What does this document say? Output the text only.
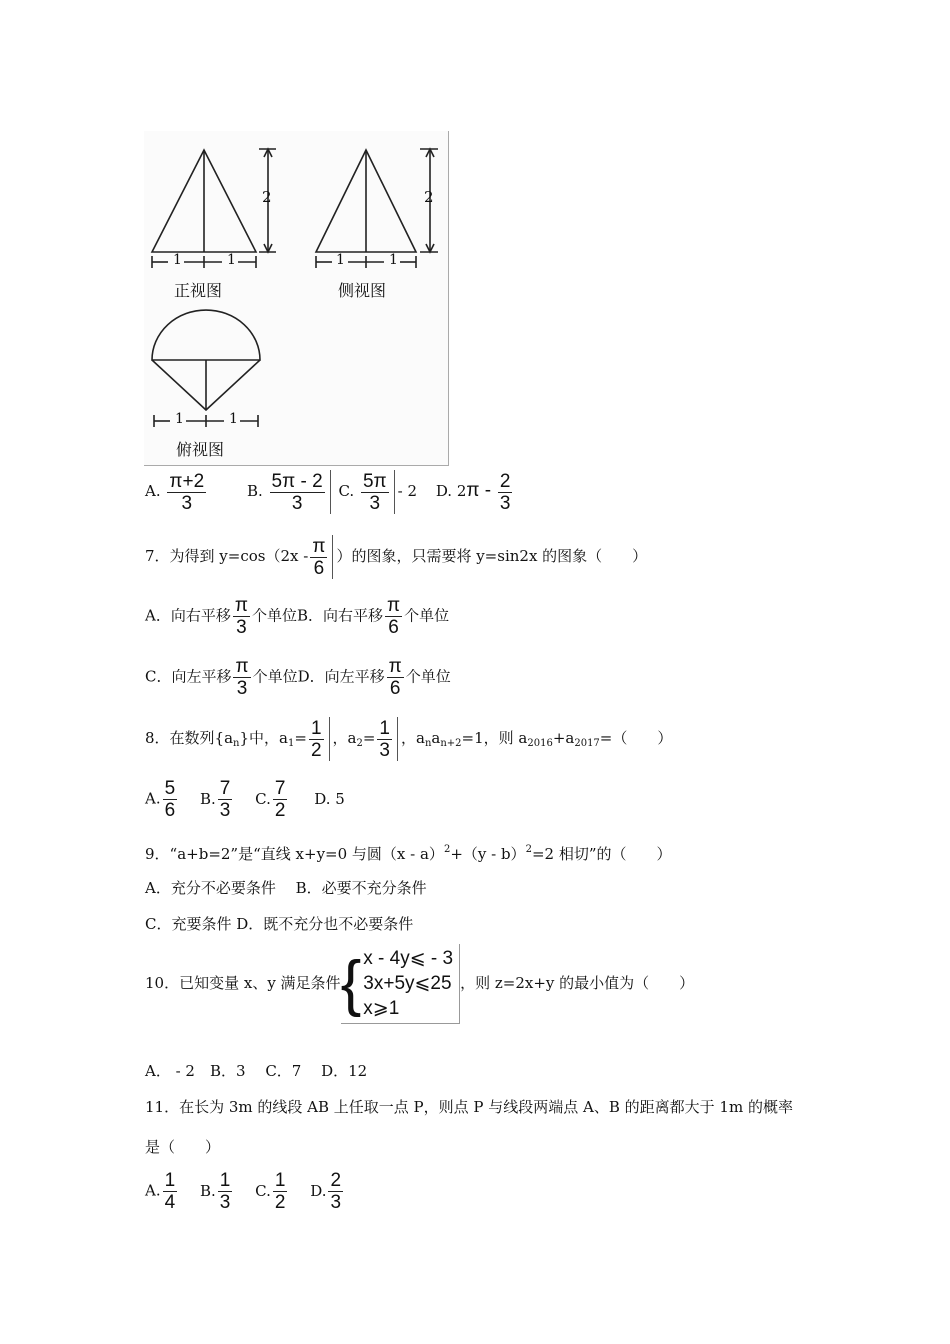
2	2
1	1	1	1
1	1
正视图	侧视图
俯视图
A. $\frac{\pi+2}{3}$	B. $\frac{5\pi - 2}{3} C$. $\frac{5\pi}{3} - 2$ D. $2\pi - \frac{2}{3}$
7．为得到 $y=\cos(2x - \frac{\pi}{6}$ ）的图象，只需要将 y=sin2x 的图象（　　）
A．向右平移 $\frac{\pi}{3}$ 个单位B．向右平移 $\frac{\pi}{6}$ 个单位
C．向左平移 $\frac{\pi}{3}$ 个单位D．向左平移 $\frac{\pi}{6}$ 个单位
8．在数列$\{a_n\}$中，$a_1= \frac{1}{2}$ ，$a_2= \frac{1}{3}$ ，$a_na_{n+2}=1$，则 $a_{2016}+a_{2017}=$（　　）
A. $\frac{5}{6} B$. $\frac{7}{3} C$. $\frac{7}{2} D$. 5
9．“a+b=2”是“直线 x+y=0 与圆（x - a）$^2$+（y - b）$^2$=2 相切”的（　　）
A．充分不必要条件　 B．必要不充分条件
C．充要条件 D．既不充分也不必要条件
10．已知变量 x、y 满足条件{ x - 4y⩽ - 3
3x+5y⩽25
x⩾1
，则 z=2x+y 的最小值为（　　）
A． - 2　B．3　 C．7　 D．12
11．在长为 3m 的线段 AB 上任取一点 P，则点 P 与线段两端点 A、B 的距离都大于 1m 的概率
是（　　）
A. $\frac{1}{4} B$. $\frac{1}{3} C$. $\frac{1}{2} D$. $\frac{2}{3}$
